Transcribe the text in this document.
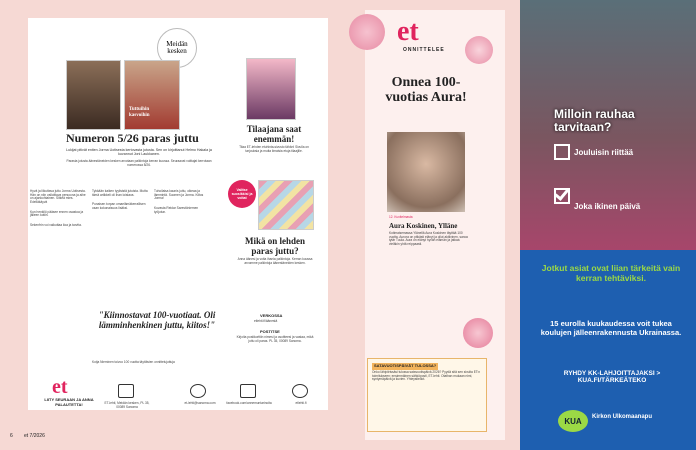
Meidän kesken
Tuttuihin kasvoihin
Numeron 5/26 paras juttu
Lukijat pitivät eniten Jorma Uotisesta kertovasta jutusta. Sen on kirjoittanut Helmo Hakala ja kuvannut Joni Laukkanen.
Parasta jutusta äänestäneiden kesken arvotaan palkintoja kerran kuussa. Seuraavat voittajat kerrotaan numerossa 8/26.

Hyvä ja liikuttava juttu Jorma Uotisesta. Hän on niin valloittava persoona ja aihe on ajankohtainen. Sitkeä mies. Edelläkäyvä

Kun henkilö pääsee ennen osastoa ja jälleen kotiin.

Sekenfrin voi vaikuttaa iloa ja tarvita.

Tykkään kaiken tyylisistä jutuista. Mutta tämä artikkeli oli ihan loistava.

Punaisen torpan omaelämäkerrallisen osan kokonaisuus lisäksi.

Tuhoilaisa kaunis juttu, oikeaa ja lämmintä. Suomen ja Jorma. Kiitos Jorma!

Kuvasta Reidar Sarestöniemen työjutun.

"Kiinnostavat 100-vuotiaat. Oli lämminhenkinen juttu, kiitos!"
Kotja Nieminen toivoo 100 vuotta täyttävien onnittelujuttuja
et
LIITY SEURAAN JA ANNA PALAUTETTA!	ET-lehti, Meidän kesken, PL 35, 00089 Sanoma
et-lehti@sanoma.com	facebook.com/annemuntarinoita	etlehti.fi
6 et 7/2026
Tilaajana saat enemmän!
Tilaa ET-lehden etuhinta-sivusto tähän! Sivulla on tarjouksia ja muita ilmaisia etuja tilaajille.
Valitse suosikkisi ja voitat
Mikä on lehden paras juttu?
Anna äänesi ja voita ihania palkintoja. Kerran kuussa arvomme palkintoja äänestäneiden kesken.
VERKOSSA
etlehti.fi/äänestä
POSTITSE
Kirjoita postikorttiin nimesi ja osoitteesi ja vastaa, mikä juttu oli paras. PL 35, 00089 Sanoma.
et
ONNITTELEE
Onnea 100-vuotias Aura!
12. Kuvitelmasta
Aura Koskinen, Ylläne
Kotimaisemassa Ylänellä Aura Koskinen täyttää 100 vuotta. Aurora on pitkästi elänyt ja ollut aktiivinen, sanoo tytär Tuula. Aura on elänyt hyvän elämän ja jatkaa vieläkin yhtä reippaasti.
SATAVUOTISPÄIVÄT TULOSSA?
Onko lähipiirissäsi tulossa satavuotispäivä 2026? Pyydä sitä sen sivulta ET:n toimitukseen: ensimmäinen sähköposti, ET-lehti. Otathan mukaan nimi, syntymäpäivä ja kuvien. Yhteystiedot.
Milloin rauhaa tarvitaan?
Jouluisin riittää
Joka ikinen päivä
Jotkut asiat ovat liian tärkeitä vain kerran tehtäviksi.
15 eurolla kuukaudessa voit tukea koulujen jälleenrakennusta Ukrainassa.
RYHDY KK-LAHJOITTAJAKSI > KUA.FI/TÄRKEÄTEKO
KUA Kirkon Ulkomaanapu
